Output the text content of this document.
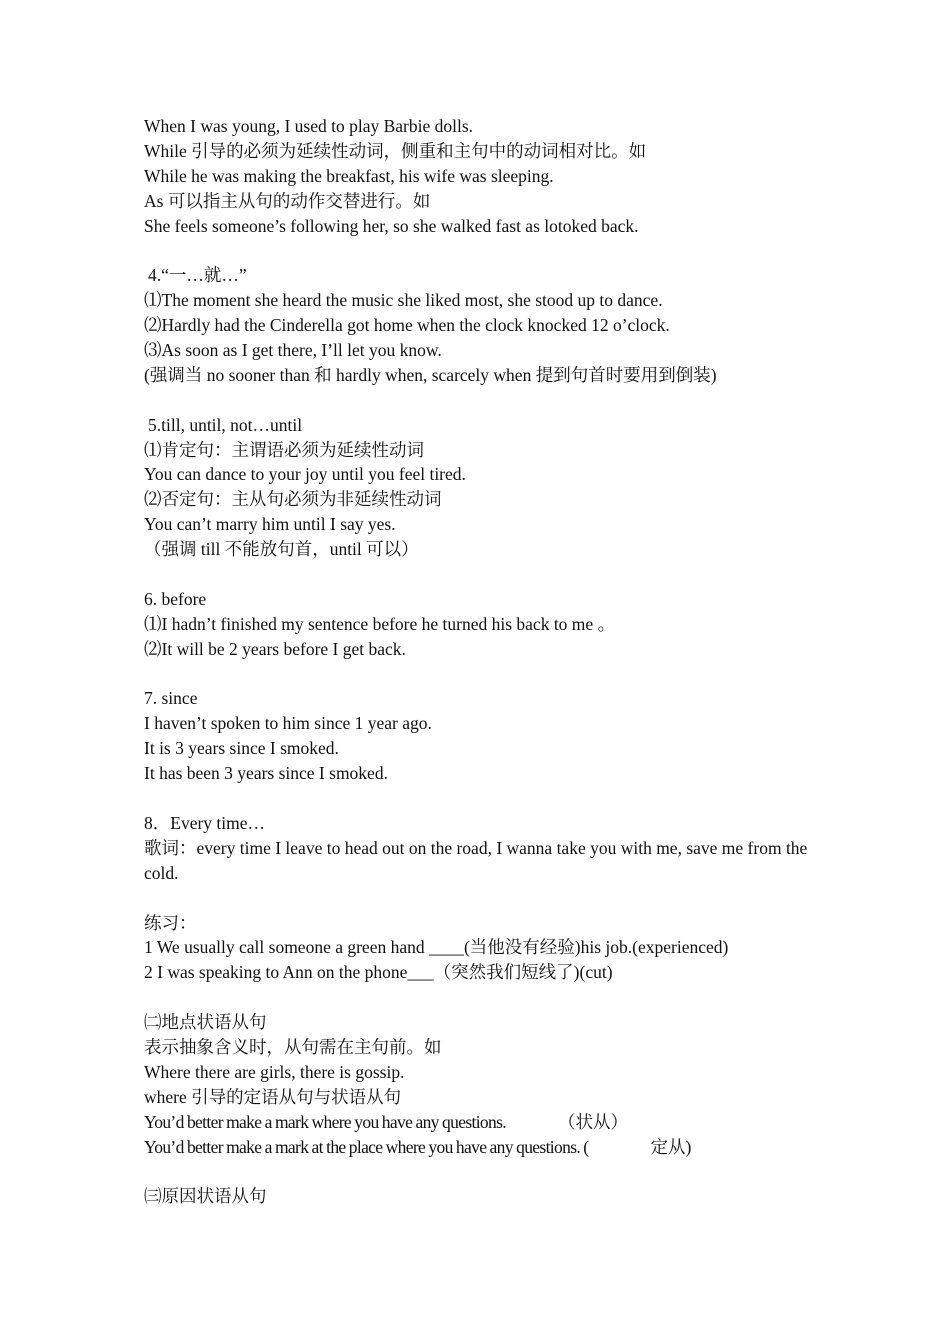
When I was young, I used to play Barbie dolls.
While 引导的必须为延续性动词，侧重和主句中的动词相对比。如
While he was making the breakfast, his wife was sleeping.
As 可以指主从句的动作交替进行。如
She feels someone’s following her, so she walked fast as lotoked back.
4.“一…就…”
⑴The moment she heard the music she liked most, she stood up to dance.
⑵Hardly had the Cinderella got home when the clock knocked 12 o’clock.
⑶As soon as I get there, I’ll let you know.
(强调当 no sooner than 和 hardly when, scarcely when 提到句首时要用到倒装)
5.till, until, not…until
⑴肯定句：主谓语必须为延续性动词
You can dance to your joy until you feel tired.
⑵否定句：主从句必须为非延续性动词
You can’t marry him until I say yes.
（强调 till 不能放句首，until 可以）
6. before
⑴I hadn’t finished my sentence before he turned his back to me 。
⑵It will be 2 years before I get back.
7. since
I haven’t spoken to him since 1 year ago.
It is 3 years since I smoked.
It has been 3 years since I smoked.
8．Every time…
歌词：every time I leave to head out on the road, I wanna take you with me, save me from the cold.
练习：
1 We usually call someone a green hand ____(当他没有经验)his job.(experienced)
2 I was speaking to Ann on the phone___（突然我们短线了)(cut)
㈡地点状语从句
表示抽象含义时，从句需在主句前。如
Where there are girls, there is gossip.
where 引导的定语从句与状语从句
You’d better make a mark where you have any questions.	（状从）
You’d better make a mark at the place where you have any questions. (	定从)
㈢原因状语从句
